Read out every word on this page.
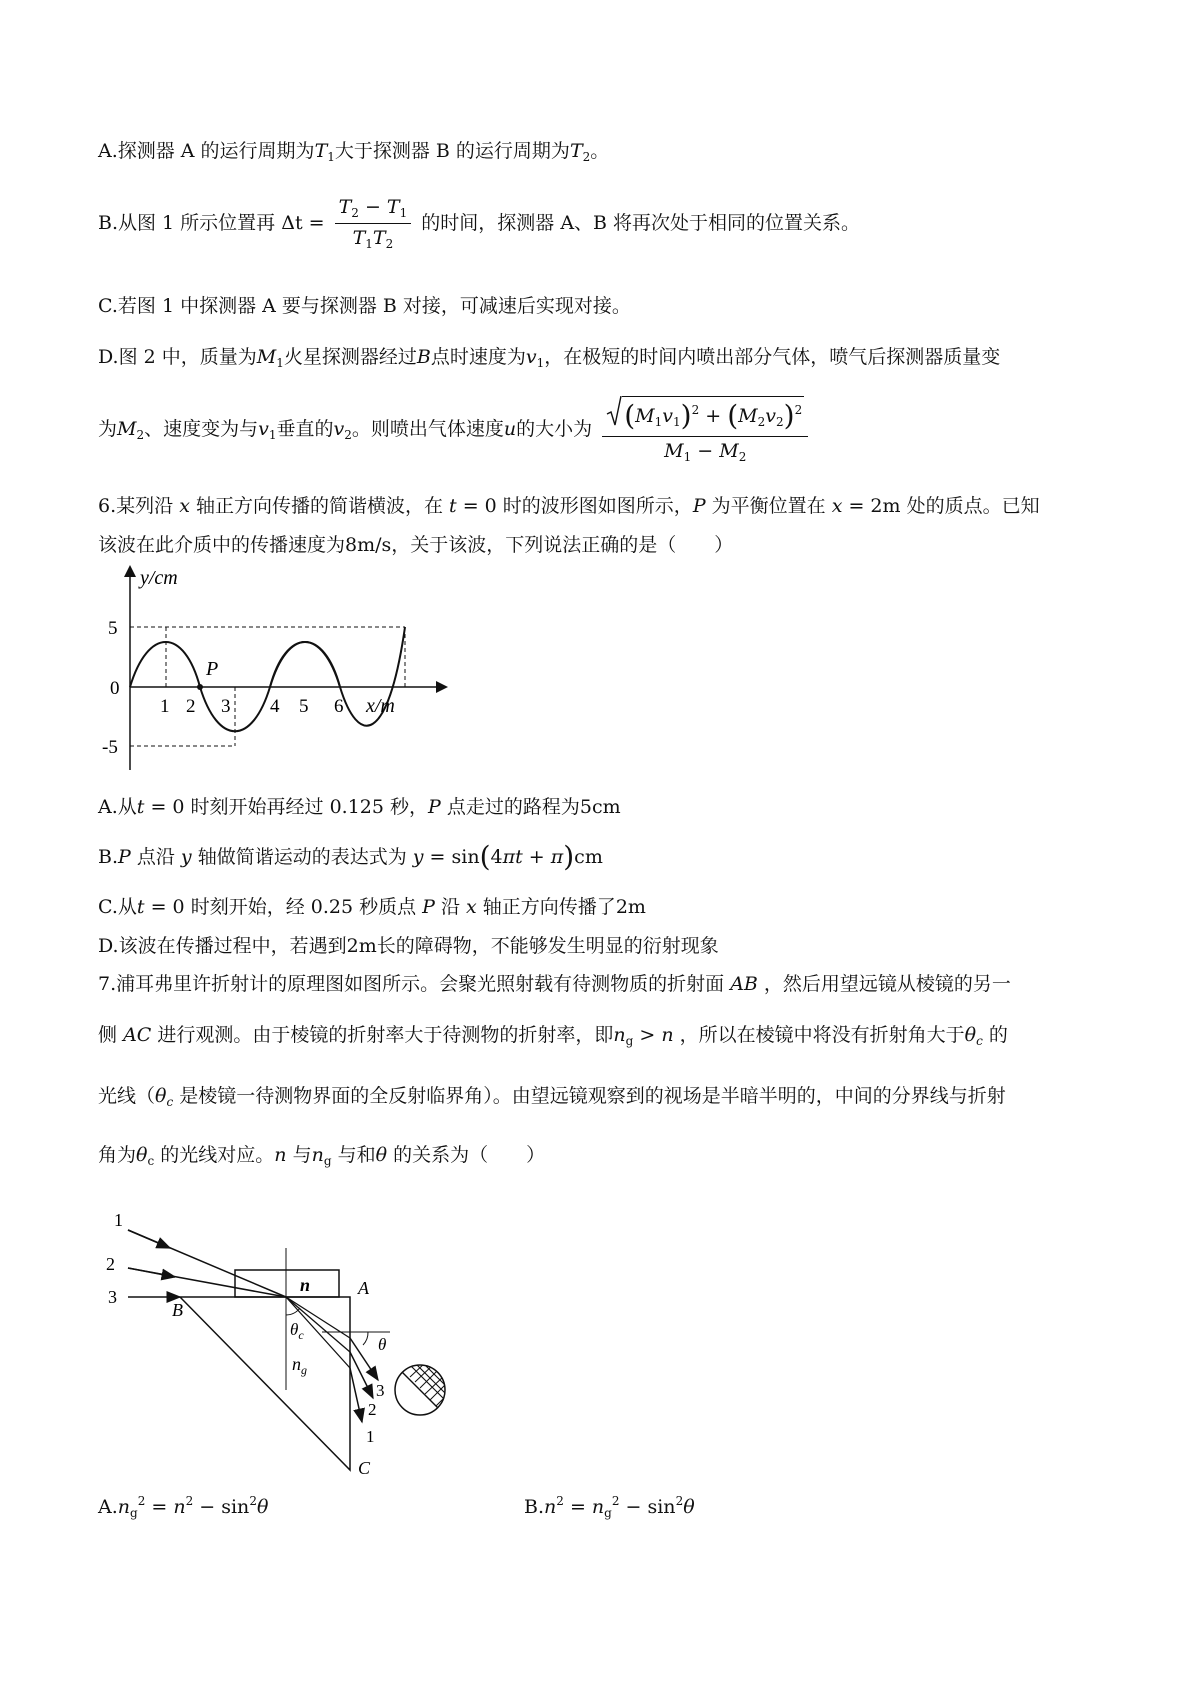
A.探测器 A 的运行周期为$T_1$大于探测器 B 的运行周期为$T_2$。
B.从图 1 所示位置再 $\Delta t = \frac{T_2 - T_1}{T_1T_2}$ 的时间，探测器 A、B 将再次处于相同的位置关系。
C.若图 1 中探测器 A 要与探测器 B 对接，可减速后实现对接。
D.图 2 中，质量为$M_1$火星探测器经过B点时速度为$v_1$，在极短的时间内喷出部分气体，喷气后探测器质量变
为$M_2$、速度变为与$v_1$垂直的$v_2$。则喷出气体速度u的大小为 $\frac{(M_1v_1)^2 + (M_2v_2)^2}{M_1 - M_2}$
6.某列沿 x 轴正方向传播的简谐横波，在 t = 0 时的波形图如图所示，P 为平衡位置在 x = 2m 处的质点。已知
该波在此介质中的传播速度为8m/s，关于该波，下列说法正确的是（　　）
y/cm
5
0
-5
1 2 3 4 5 6 x/m
P
A.从t = 0 时刻开始再经过 0.125 秒，P 点走过的路程为5cm
B.P 点沿 y 轴做简谐运动的表达式为 y = sin(4πt + π)cm
C.从t = 0 时刻开始，经 0.25 秒质点 P 沿 x 轴正方向传播了2m
D.该波在传播过程中，若遇到2m长的障碍物，不能够发生明显的衍射现象
7.浦耳弗里许折射计的原理图如图所示。会聚光照射载有待测物质的折射面 AB ，然后用望远镜从棱镜的另一
侧 AC 进行观测。由于棱镜的折射率大于待测物的折射率，即$n_g > n$ ，所以在棱镜中将没有折射角大于$\theta_c$ 的
光线（$\theta_c$ 是棱镜一待测物界面的全反射临界角）。由望远镜观察到的视场是半暗半明的，中间的分界线与折射
角为$\theta_c$ 的光线对应。n 与$n_g$ 与和θ 的关系为（　　）
1
2
3
B
A
C
n
$n_g$
$\theta_c$	θ
3
2
1
$A.n_g^2 = n^2 - \sin^2\theta$	$B.n^2 = n_g^2 - \sin^2\theta$
